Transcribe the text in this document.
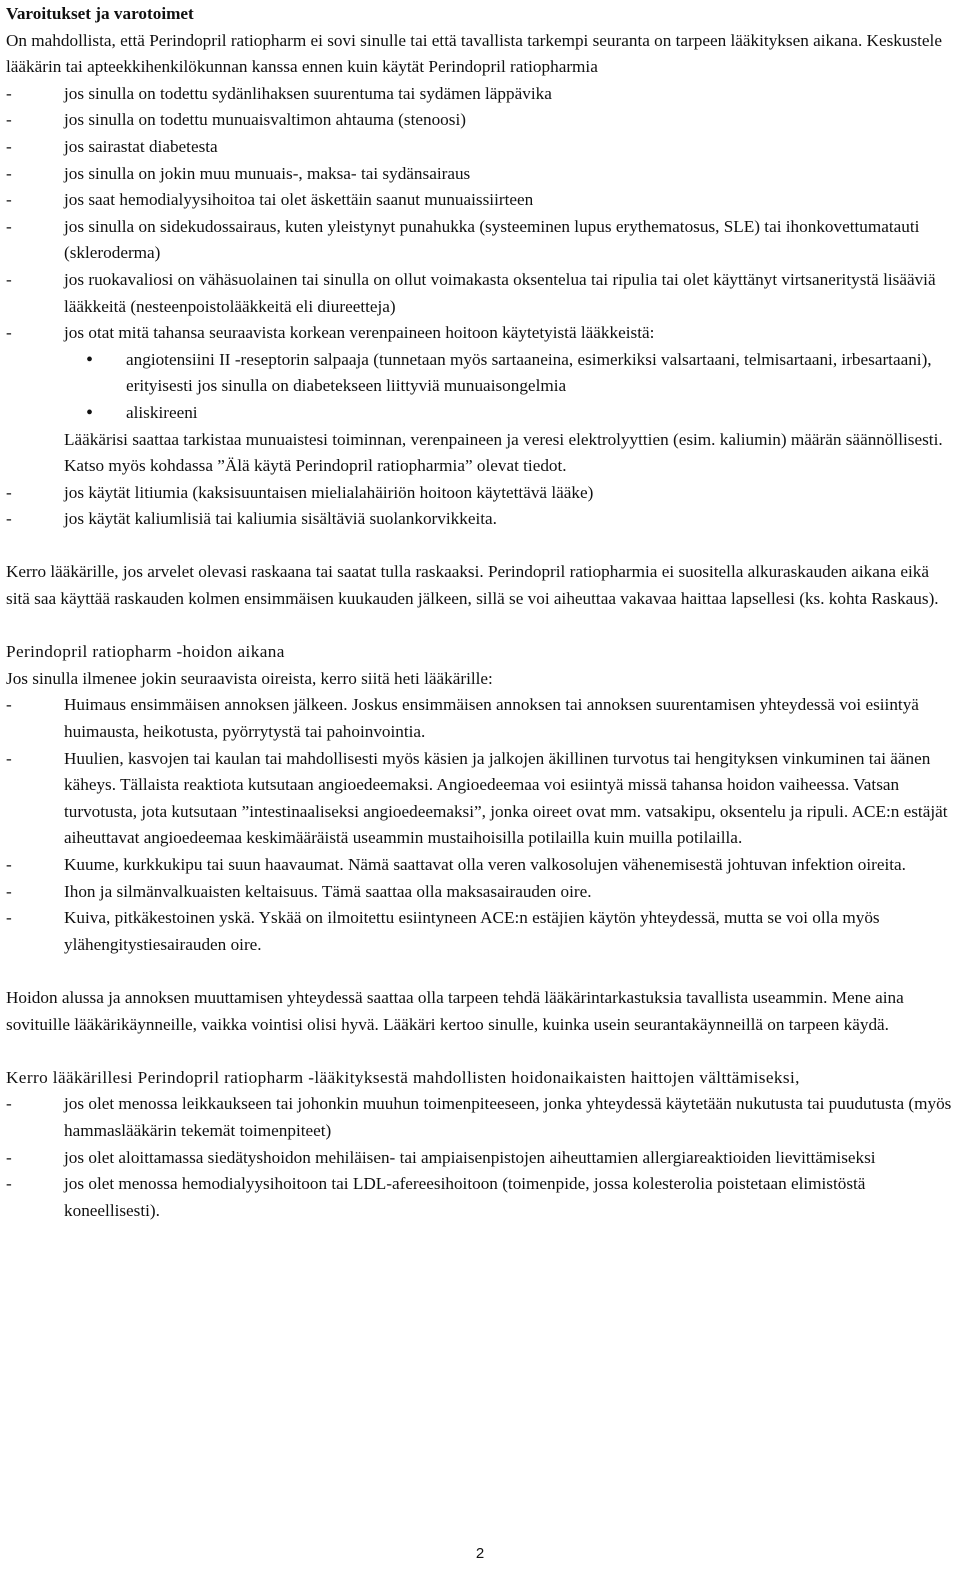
Varoitukset ja varotoimet

On mahdollista, että Perindopril ratiopharm ei sovi sinulle tai että tavallista tarkempi seuranta on tarpeen lääkityksen aikana. Keskustele lääkärin tai apteekkihenkilökunnan kanssa ennen kuin käytät Perindopril ratiopharmia

- jos sinulla on todettu sydänlihaksen suurentuma tai sydämen läppävika

- jos sinulla on todettu munuaisvaltimon ahtauma (stenoosi)

- jos sairastat diabetesta

- jos sinulla on jokin muu munuais-, maksa- tai sydänsairaus

- jos saat hemodialyysihoitoa tai olet äskettäin saanut munuaissiirteen

- jos sinulla on sidekudossairaus, kuten yleistynyt punahukka (systeeminen lupus erythematosus, SLE) tai ihonkovettumatauti (skleroderma)

- jos ruokavaliosi on vähäsuolainen tai sinulla on ollut voimakasta oksentelua tai ripulia tai olet käyttänyt virtsaneritystä lisääviä lääkkeitä (nesteenpoistolääkkeitä eli diureetteja)

- jos otat mitä tahansa seuraavista korkean verenpaineen hoitoon käytetyistä lääkkeistä:

• angiotensiini II -reseptorin salpaaja (tunnetaan myös sartaaneina, esimerkiksi valsartaani, telmisartaani, irbesartaani), erityisesti jos sinulla on diabetekseen liittyviä munuaisongelmia

• aliskireeni

Lääkärisi saattaa tarkistaa munuaistesi toiminnan, verenpaineen ja veresi elektrolyyttien (esim. kaliumin) määrän säännöllisesti.

Katso myös kohdassa ”Älä käytä Perindopril ratiopharmia” olevat tiedot.

- jos käytät litiumia (kaksisuuntaisen mielialahäiriön hoitoon käytettävä lääke)

- jos käytät kaliumlisiä tai kaliumia sisältäviä suolankorvikkeita.

Kerro lääkärille, jos arvelet olevasi raskaana tai saatat tulla raskaaksi. Perindopril ratiopharmia ei suositella alkuraskauden aikana eikä sitä saa käyttää raskauden kolmen ensimmäisen kuukauden jälkeen, sillä se voi aiheuttaa vakavaa haittaa lapsellesi (ks. kohta Raskaus).

Perindopril ratiopharm -hoidon aikana

Jos sinulla ilmenee jokin seuraavista oireista, kerro siitä heti lääkärille:

- Huimaus ensimmäisen annoksen jälkeen. Joskus ensimmäisen annoksen tai annoksen suurentamisen yhteydessä voi esiintyä huimausta, heikotusta, pyörrytystä tai pahoinvointia.

- Huulien, kasvojen tai kaulan tai mahdollisesti myös käsien ja jalkojen äkillinen turvotus tai hengityksen vinkuminen tai äänen käheys. Tällaista reaktiota kutsutaan angioedeemaksi. Angioedeemaa voi esiintyä missä tahansa hoidon vaiheessa. Vatsan turvotusta, jota kutsutaan ”intestinaaliseksi angioedeemaksi”, jonka oireet ovat mm. vatsakipu, oksentelu ja ripuli. ACE:n estäjät aiheuttavat angioedeemaa keskimääräistä useammin mustaihoisilla potilailla kuin muilla potilailla.

- Kuume, kurkkukipu tai suun haavaumat. Nämä saattavat olla veren valkosolujen vähenemisestä johtuvan infektion oireita.

- Ihon ja silmänvalkuaisten keltaisuus. Tämä saattaa olla maksasairauden oire.

- Kuiva, pitkäkestoinen yskä. Yskää on ilmoitettu esiintyneen ACE:n estäjien käytön yhteydessä, mutta se voi olla myös ylähengitystiesairauden oire.

Hoidon alussa ja annoksen muuttamisen yhteydessä saattaa olla tarpeen tehdä lääkärintarkastuksia tavallista useammin. Mene aina sovituille lääkärikäynneille, vaikka vointisi olisi hyvä. Lääkäri kertoo sinulle, kuinka usein seurantakäynneillä on tarpeen käydä.

Kerro lääkärillesi Perindopril ratiopharm -lääkityksestä mahdollisten hoidonaikaisten haittojen välttämiseksi,

- jos olet menossa leikkaukseen tai johonkin muuhun toimenpiteeseen, jonka yhteydessä käytetään nukutusta tai puudutusta (myös hammaslääkärin tekemät toimenpiteet)

- jos olet aloittamassa siedätyshoidon mehiläisen- tai ampiaisenpistojen aiheuttamien allergiareaktioiden lievittämiseksi

- jos olet menossa hemodialyysihoitoon tai LDL-afereesihoitoon (toimenpide, jossa kolesterolia poistetaan elimistöstä koneellisesti).

2
